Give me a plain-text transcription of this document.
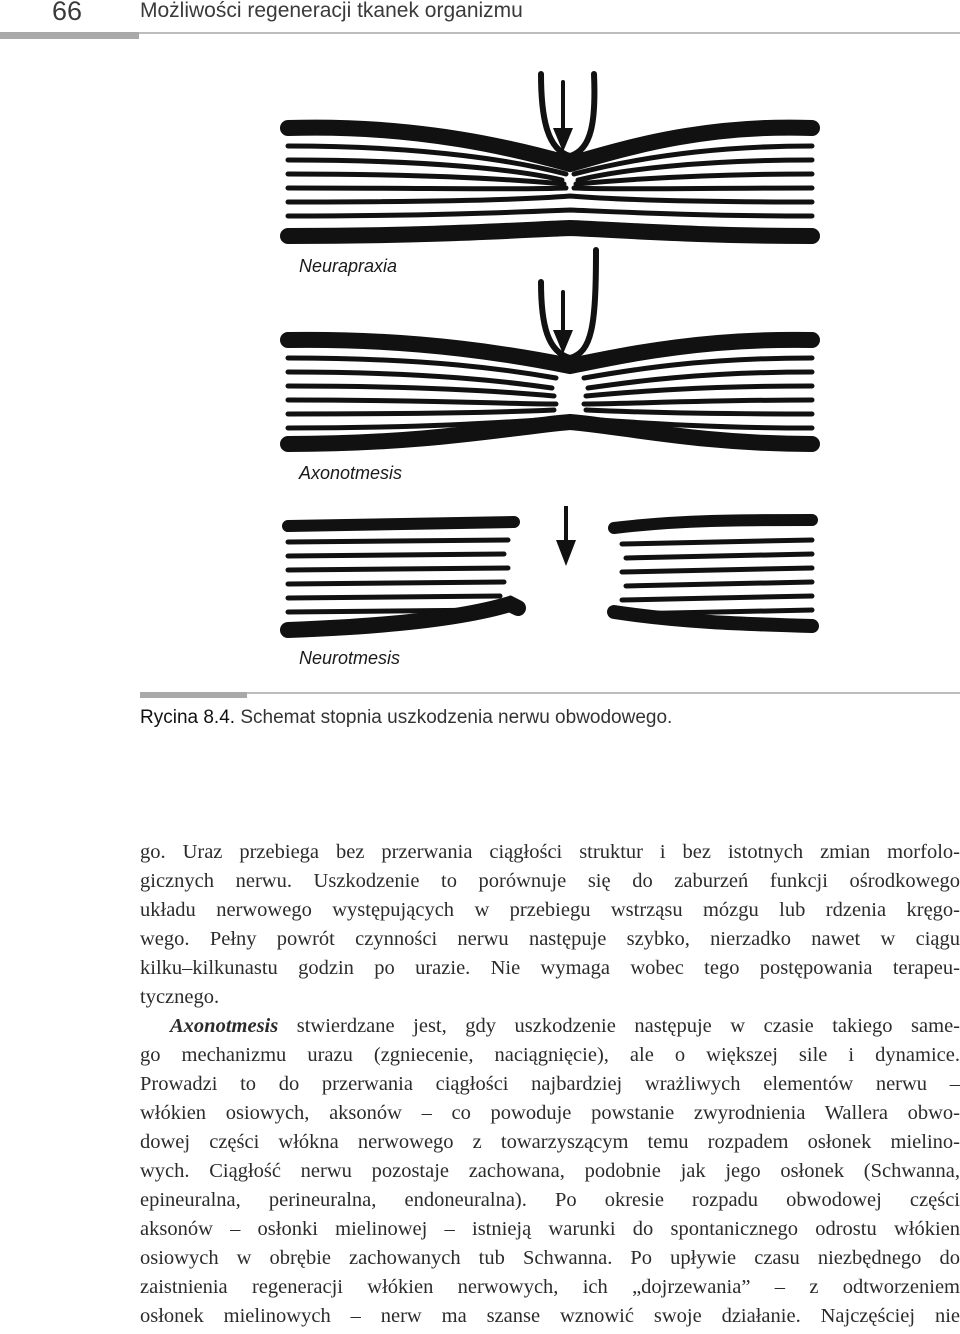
66	Możliwości regeneracji tkanek organizmu
Neurapraxia
Axonotmesis
Neurotmesis
Rycina 8.4. Schemat stopnia uszkodzenia nerwu obwodowego.
go. Uraz przebiega bez przerwania ciągłości struktur i bez istotnych zmian morfolo-
gicznych nerwu. Uszkodzenie to porównuje się do zaburzeń funkcji ośrodkowego
układu nerwowego występujących w przebiegu wstrząsu mózgu lub rdzenia kręgo-
wego. Pełny powrót czynności nerwu następuje szybko, nierzadko nawet w ciągu
kilku–kilkunastu godzin po urazie. Nie wymaga wobec tego postępowania terapeu-
tycznego.
Axonotmesis stwierdzane jest, gdy uszkodzenie następuje w czasie takiego same-
go mechanizmu urazu (zgniecenie, naciągnięcie), ale o większej sile i dynamice.
Prowadzi to do przerwania ciągłości najbardziej wrażliwych elementów nerwu –
włókien osiowych, aksonów – co powoduje powstanie zwyrodnienia Wallera obwo-
dowej części włókna nerwowego z towarzyszącym temu rozpadem osłonek mielino-
wych. Ciągłość nerwu pozostaje zachowana, podobnie jak jego osłonek (Schwanna,
epineuralna, perineuralna, endoneuralna). Po okresie rozpadu obwodowej części
aksonów – osłonki mielinowej – istnieją warunki do spontanicznego odrostu włókien
osiowych w obrębie zachowanych tub Schwanna. Po upływie czasu niezbędnego do
zaistnienia regeneracji włókien nerwowych, ich „dojrzewania” – z odtworzeniem
osłonek mielinowych – nerw ma szanse wznowić swoje działanie. Najczęściej nie
